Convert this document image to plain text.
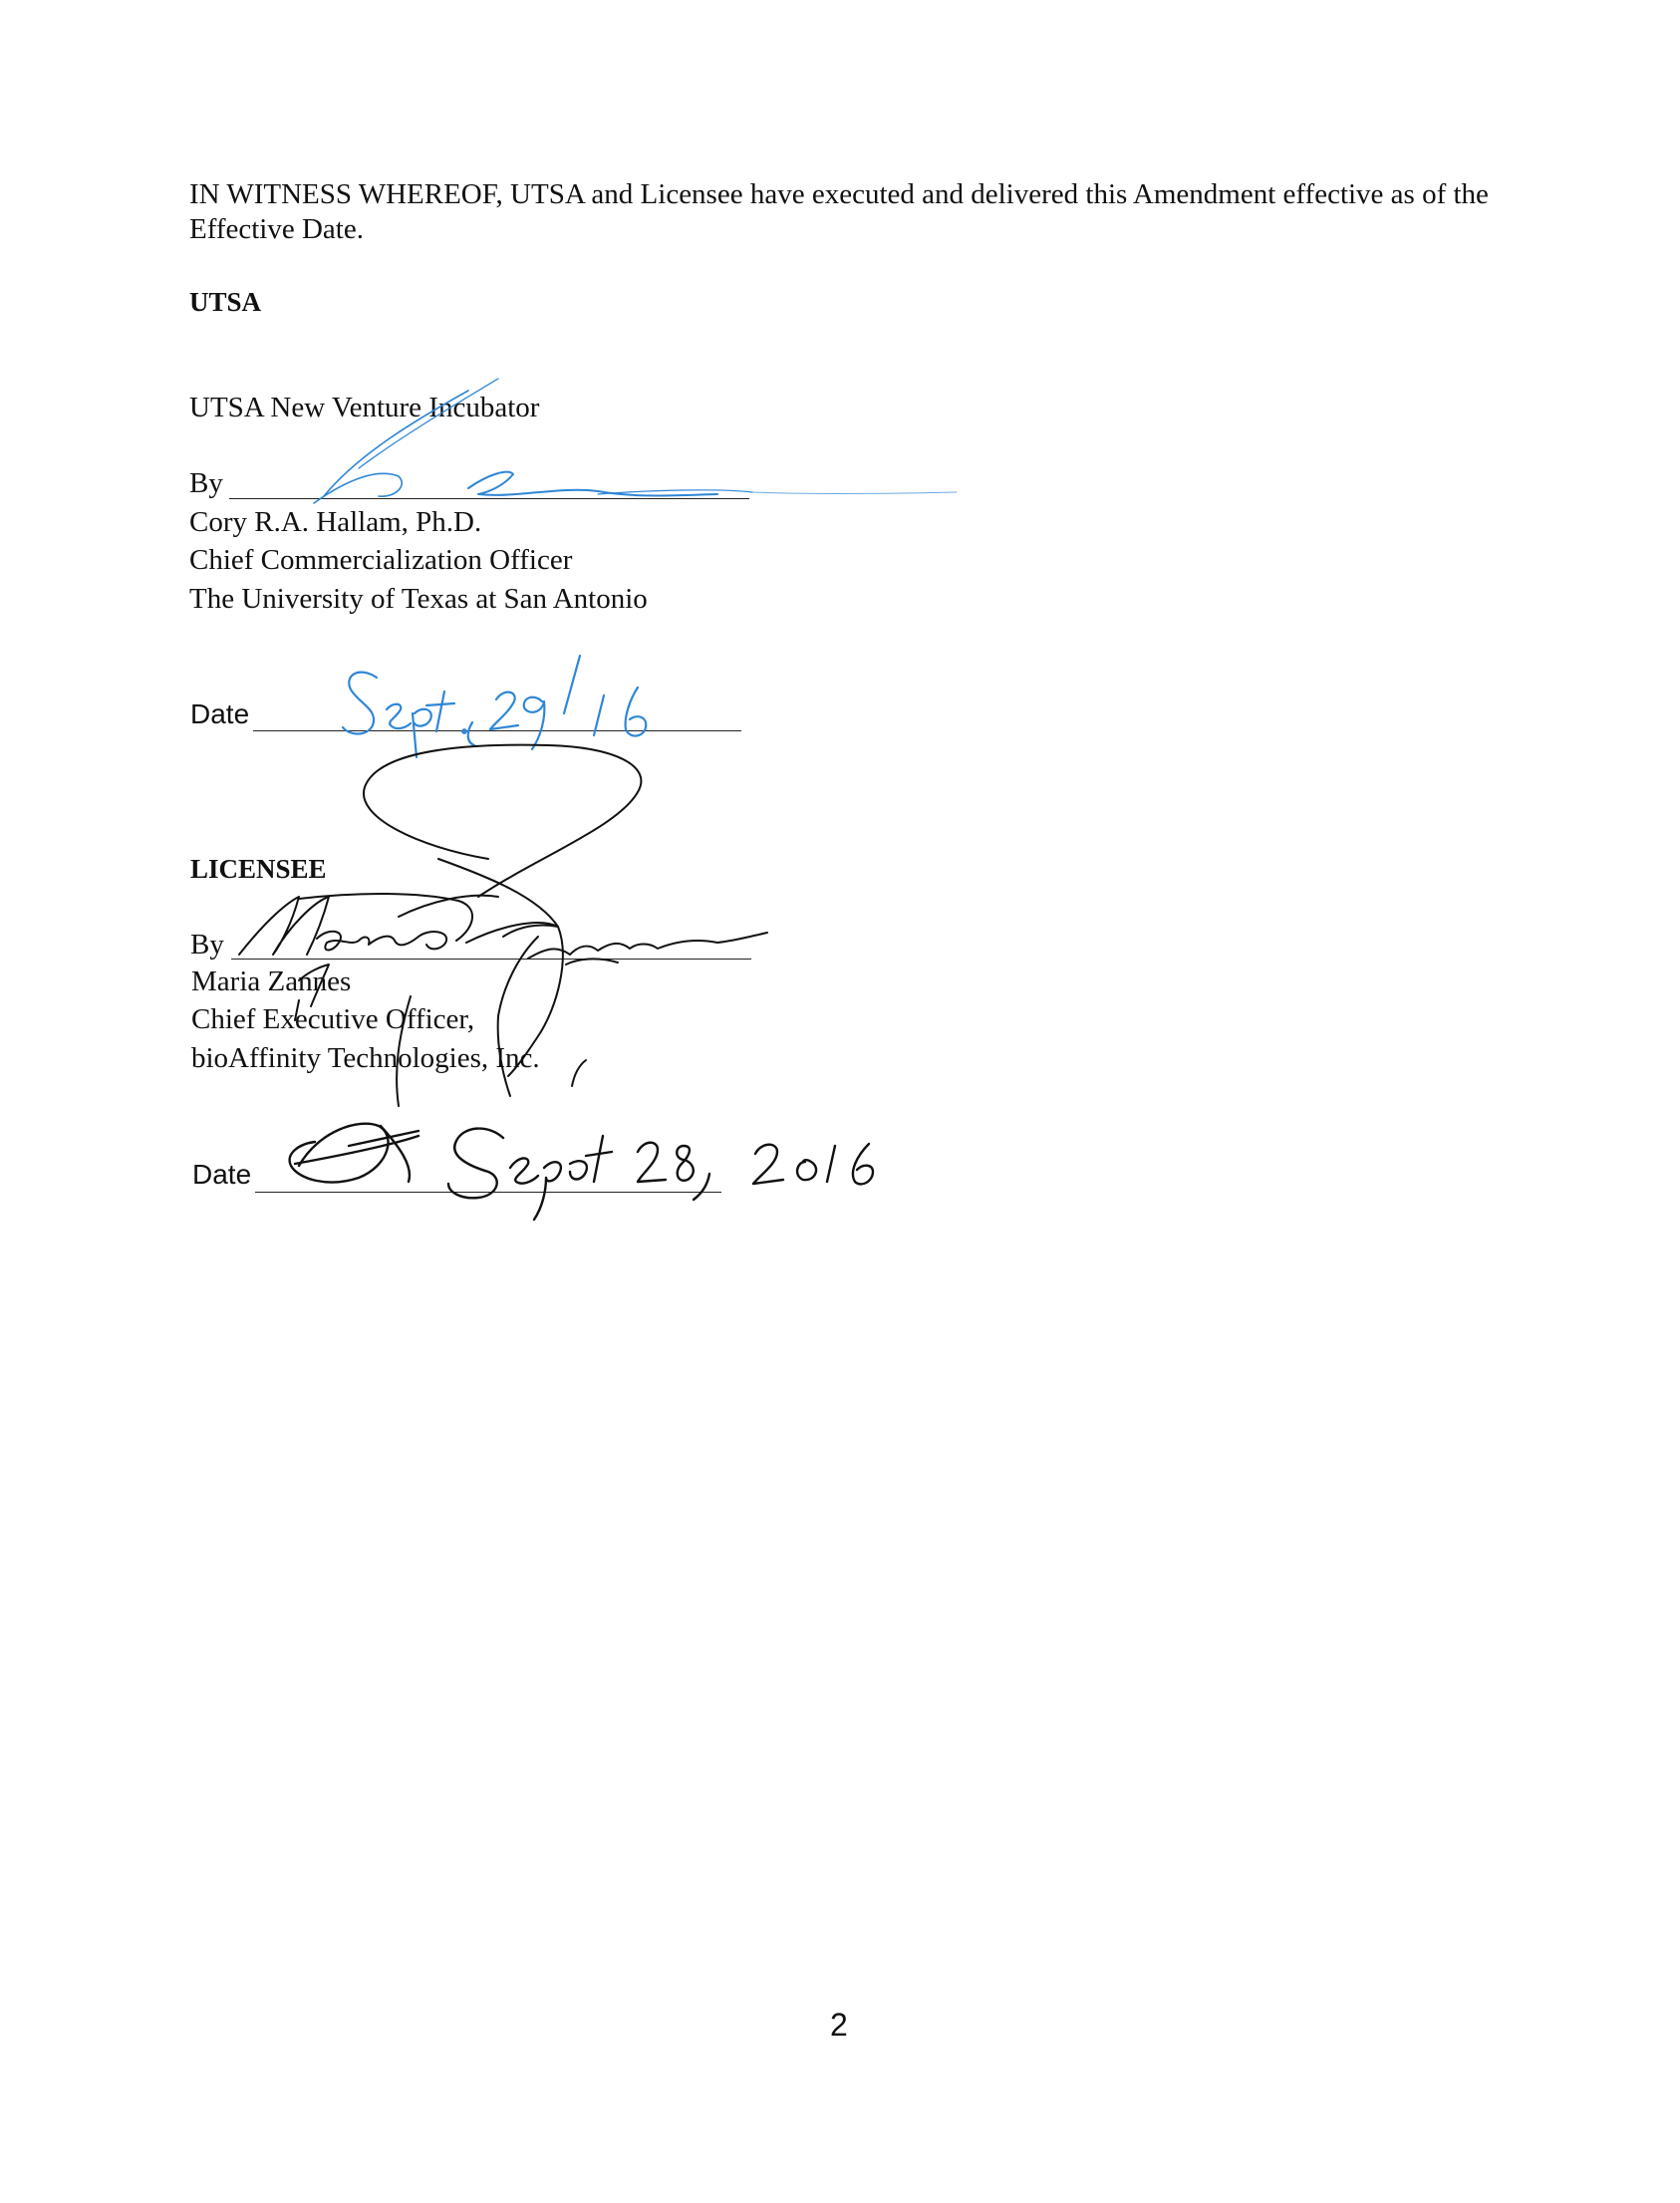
IN WITNESS WHEREOF, UTSA and Licensee have executed and delivered this Amendment effective as of the Effective Date.
UTSA
UTSA New Venture Incubator
By
Cory R.A. Hallam, Ph.D.
Chief Commercialization Officer
The University of Texas at San Antonio
Date
LICENSEE
By
Maria Zannes
Chief Executive Officer,
bioAffinity Technologies, Inc.
Date
2
